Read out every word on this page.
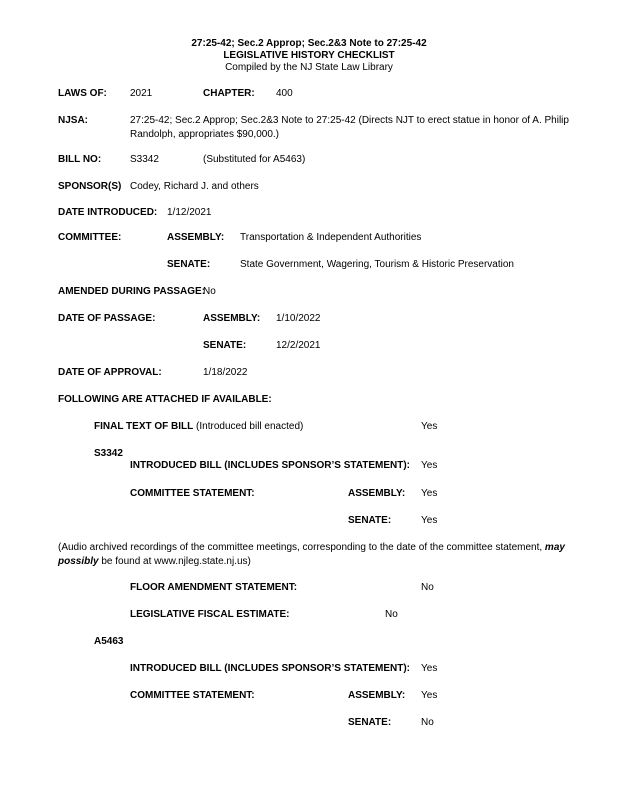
27:25-42; Sec.2 Approp; Sec.2&3 Note to 27:25-42
LEGISLATIVE HISTORY CHECKLIST
Compiled by the NJ State Law Library
LAWS OF: 2021	CHAPTER: 400
NJSA:	27:25-42; Sec.2 Approp; Sec.2&3 Note to 27:25-42 (Directs NJT to erect statue in honor of A. Philip Randolph, appropriates $90,000.)
BILL NO:	S3342	(Substituted for A5463)
SPONSOR(S) Codey, Richard J. and others
DATE INTRODUCED: 1/12/2021
COMMITTEE:	ASSEMBLY: Transportation & Independent Authorities
SENATE:	State Government, Wagering, Tourism & Historic Preservation
AMENDED DURING PASSAGE:
No
DATE OF PASSAGE:	ASSEMBLY: 1/10/2022
SENATE:	12/2/2021
DATE OF APPROVAL:	1/18/2022
FOLLOWING ARE ATTACHED IF AVAILABLE:
FINAL TEXT OF BILL (Introduced bill enacted)	Yes
S3342
INTRODUCED BILL (INCLUDES SPONSOR’S STATEMENT): Yes
COMMITTEE STATEMENT:	ASSEMBLY: Yes
SENATE:	Yes
(Audio archived recordings of the committee meetings, corresponding to the date of the committee statement, may possibly be found at www.njleg.state.nj.us)
FLOOR AMENDMENT STATEMENT:	No
LEGISLATIVE FISCAL ESTIMATE:	No
A5463
INTRODUCED BILL (INCLUDES SPONSOR’S STATEMENT): Yes
COMMITTEE STATEMENT:	ASSEMBLY: Yes
SENATE:	No
